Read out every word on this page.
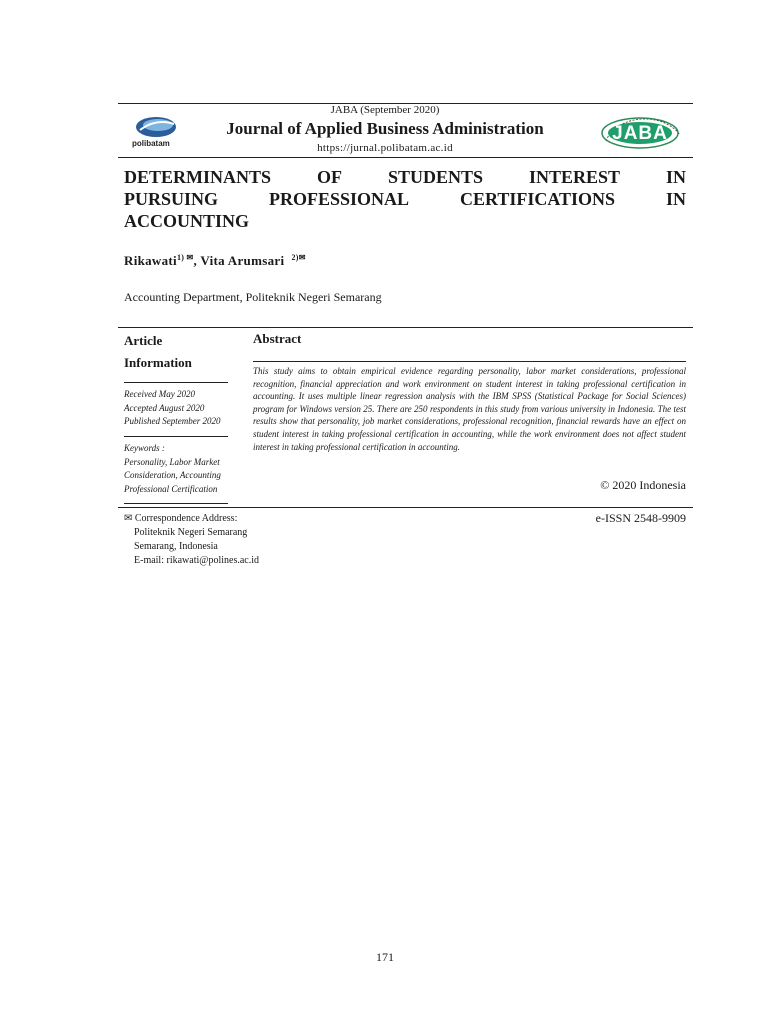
polibatam
JABA (September 2020)
Journal of Applied Business Administration
https://jurnal.polibatam.ac.id
JABA
DETERMINANTS	OF	STUDENTS	INTEREST	IN
PURSUING	PROFESSIONAL	CERTIFICATIONS	IN
ACCOUNTING
Rikawati$^{1) ✉}$, Vita Arumsari $^{2)✉}$
Accounting Department, Politeknik Negeri Semarang
Article
Information
Received May 2020
Accepted August 2020
Published September 2020
Keywords :
Personality, Labor Market
Consideration, Accounting
Professional Certification
Abstract
This study aims to obtain empirical evidence regarding personality, labor market considerations, professional recognition, financial appreciation and work environment on student interest in taking professional certification in accounting. It uses multiple linear regression analysis with the IBM SPSS (Statistical Package for Social Sciences) program for Windows version 25. There are 250 respondents in this study from various university in Indonesia. The test results show that personality, job market considerations, professional recognition, financial rewards have an effect on student interest in taking professional certification in accounting, while the work environment does not affect student interest in taking professional certification in accounting.
© 2020 Indonesia
✉ Correspondence Address:
Politeknik Negeri Semarang
Semarang, Indonesia
E-mail: rikawati@polines.ac.id
e-ISSN 2548-9909
171
